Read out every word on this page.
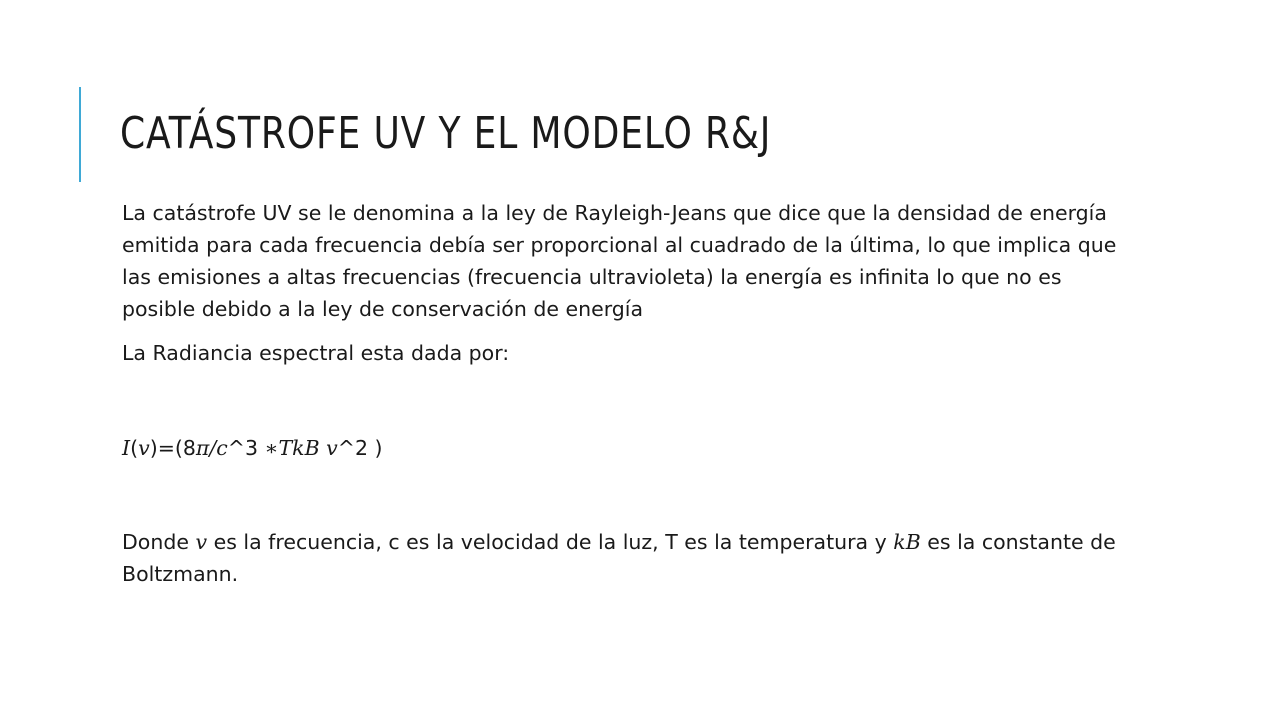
CATÁSTROFE UV Y EL MODELO R&J

La catástrofe UV se le denomina a la ley de Rayleigh-Jeans que dice que la densidad de energía emitida para cada frecuencia debía ser proporcional al cuadrado de la última, lo que implica que las emisiones a altas frecuencias (frecuencia ultravioleta) la energía es infinita lo que no es posible debido a la ley de conservación de energía

La Radiancia espectral esta dada por:

𝐼(𝑣)=(8𝜋/𝑐^3 ∗𝑇𝑘𝐵 𝑣^2 )

Donde 𝑣 es la frecuencia, c es la velocidad de la luz, T es la temperatura y 𝑘𝐵 es la constante de Boltzmann.
